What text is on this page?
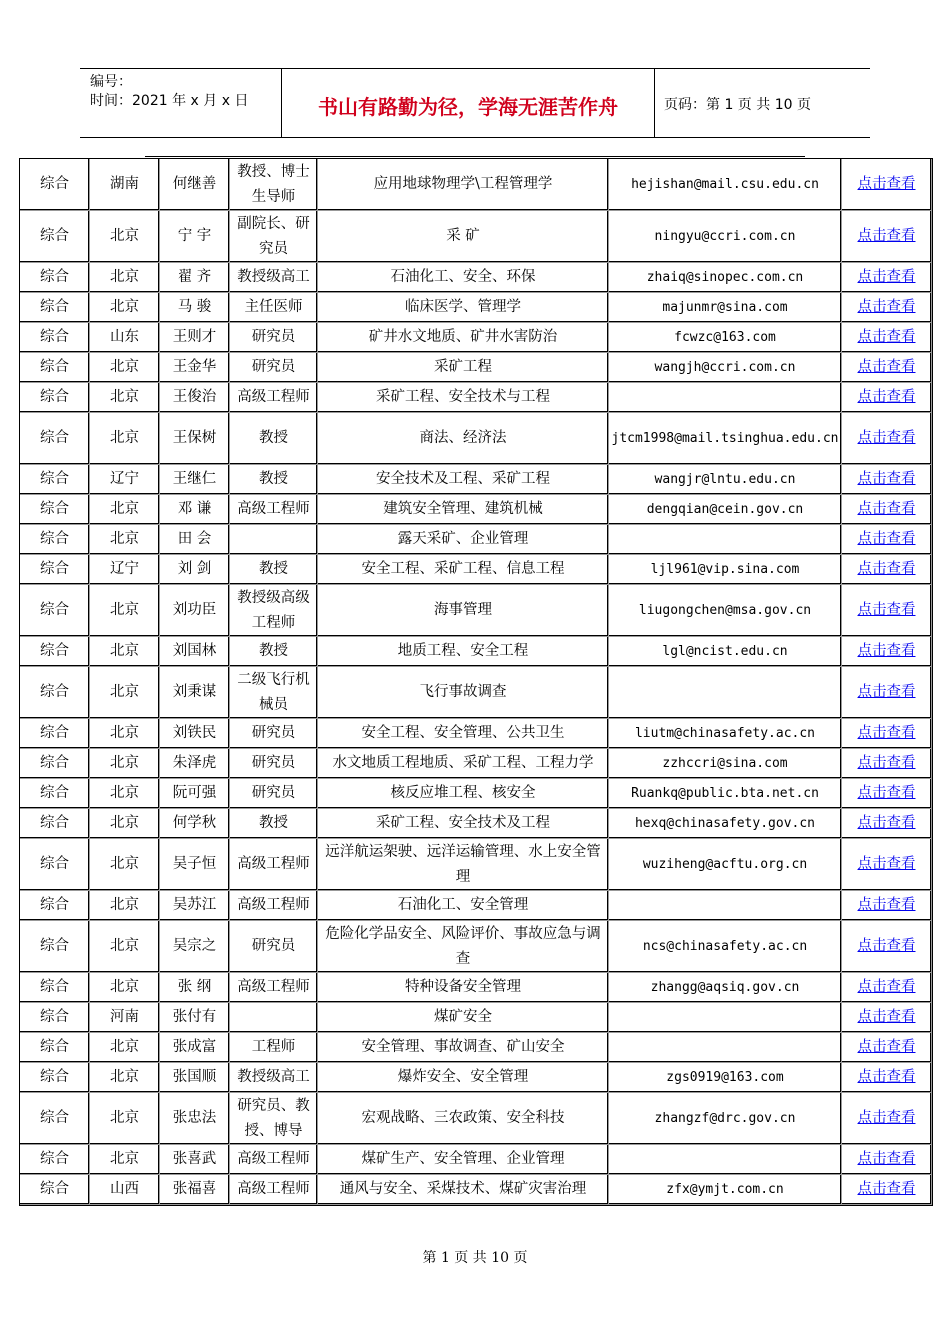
编号：
时间：2021 年 x 月 x 日	书山有路勤为径，学海无涯苦作舟	页码：第 1 页 共 10 页
综合	湖南	何继善	教授、博士生导师	应用地球物理学\工程管理学	hejishan@mail.csu.edu.cn	点击查看
综合	北京	宁 宇	副院长、研究员	采 矿	ningyu@ccri.com.cn	点击查看
综合	北京	翟 齐	教授级高工	石油化工、安全、环保	zhaiq@sinopec.com.cn	点击查看
综合	北京	马 骏	主任医师	临床医学、管理学	majunmr@sina.com	点击查看
综合	山东	王则才	研究员	矿井水文地质、矿井水害防治	fcwzc@163.com	点击查看
综合	北京	王金华	研究员	采矿工程	wangjh@ccri.com.cn	点击查看
综合	北京	王俊治	高级工程师	采矿工程、安全技术与工程		点击查看
综合	北京	王保树	教授	商法、经济法	jtcm1998@mail.tsinghua.edu.cn	点击查看
综合	辽宁	王继仁	教授	安全技术及工程、采矿工程	wangjr@lntu.edu.cn	点击查看
综合	北京	邓 谦	高级工程师	建筑安全管理、建筑机械	dengqian@cein.gov.cn	点击查看
综合	北京	田 会		露天采矿、企业管理		点击查看
综合	辽宁	刘 剑	教授	安全工程、采矿工程、信息工程	ljl961@vip.sina.com	点击查看
综合	北京	刘功臣	教授级高级工程师	海事管理	liugongchen@msa.gov.cn	点击查看
综合	北京	刘国林	教授	地质工程、安全工程	lgl@ncist.edu.cn	点击查看
综合	北京	刘秉谋	二级飞行机械员	飞行事故调查		点击查看
综合	北京	刘铁民	研究员	安全工程、安全管理、公共卫生	liutm@chinasafety.ac.cn	点击查看
综合	北京	朱泽虎	研究员	水文地质工程地质、采矿工程、工程力学	zzhccri@sina.com	点击查看
综合	北京	阮可强	研究员	核反应堆工程、核安全	Ruankq@public.bta.net.cn	点击查看
综合	北京	何学秋	教授	采矿工程、安全技术及工程	hexq@chinasafety.gov.cn	点击查看
综合	北京	吴子恒	高级工程师	远洋航运架驶、远洋运输管理、水上安全管理	wuziheng@acftu.org.cn	点击查看
综合	北京	吴苏江	高级工程师	石油化工、安全管理		点击查看
综合	北京	吴宗之	研究员	危险化学品安全、风险评价、事故应急与调查	ncs@chinasafety.ac.cn	点击查看
综合	北京	张 纲	高级工程师	特种设备安全管理	zhangg@aqsiq.gov.cn	点击查看
综合	河南	张付有		煤矿安全		点击查看
综合	北京	张成富	工程师	安全管理、事故调查、矿山安全		点击查看
综合	北京	张国顺	教授级高工	爆炸安全、安全管理	zgs0919@163.com	点击查看
综合	北京	张忠法	研究员、教授、博导	宏观战略、三农政策、安全科技	zhangzf@drc.gov.cn	点击查看
综合	北京	张喜武	高级工程师	煤矿生产、安全管理、企业管理		点击查看
综合	山西	张福喜	高级工程师	通风与安全、采煤技术、煤矿灾害治理	zfx@ymjt.com.cn	点击查看
第 1 页 共 10 页
